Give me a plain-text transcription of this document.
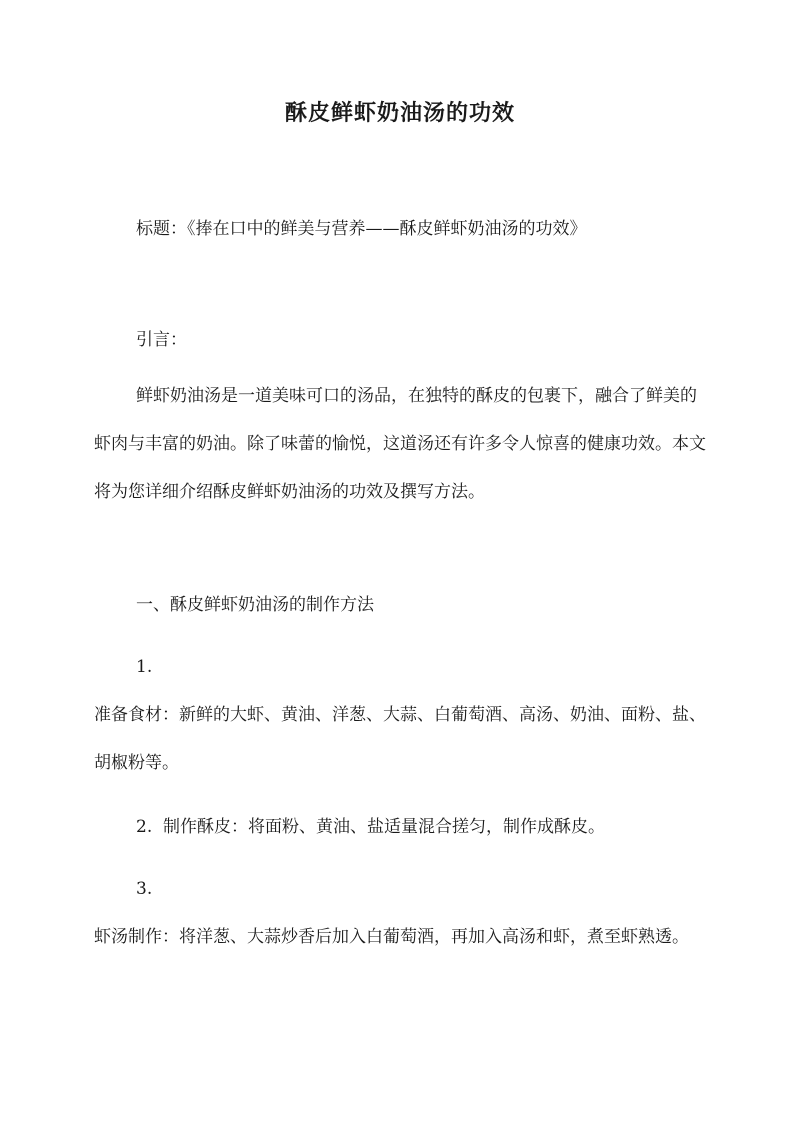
酥皮鲜虾奶油汤的功效

标题：《捧在口中的鲜美与营养——酥皮鲜虾奶油汤的功效》

引言：

鲜虾奶油汤是一道美味可口的汤品，在独特的酥皮的包裹下，融合了鲜美的虾肉与丰富的奶油。除了味蕾的愉悦，这道汤还有许多令人惊喜的健康功效。本文将为您详细介绍酥皮鲜虾奶油汤的功效及撰写方法。

一、酥皮鲜虾奶油汤的制作方法

1.

准备食材：新鲜的大虾、黄油、洋葱、大蒜、白葡萄酒、高汤、奶油、面粉、盐、胡椒粉等。

2. 制作酥皮：将面粉、黄油、盐适量混合搓匀，制作成酥皮。

3.

虾汤制作：将洋葱、大蒜炒香后加入白葡萄酒，再加入高汤和虾，煮至虾熟透。
